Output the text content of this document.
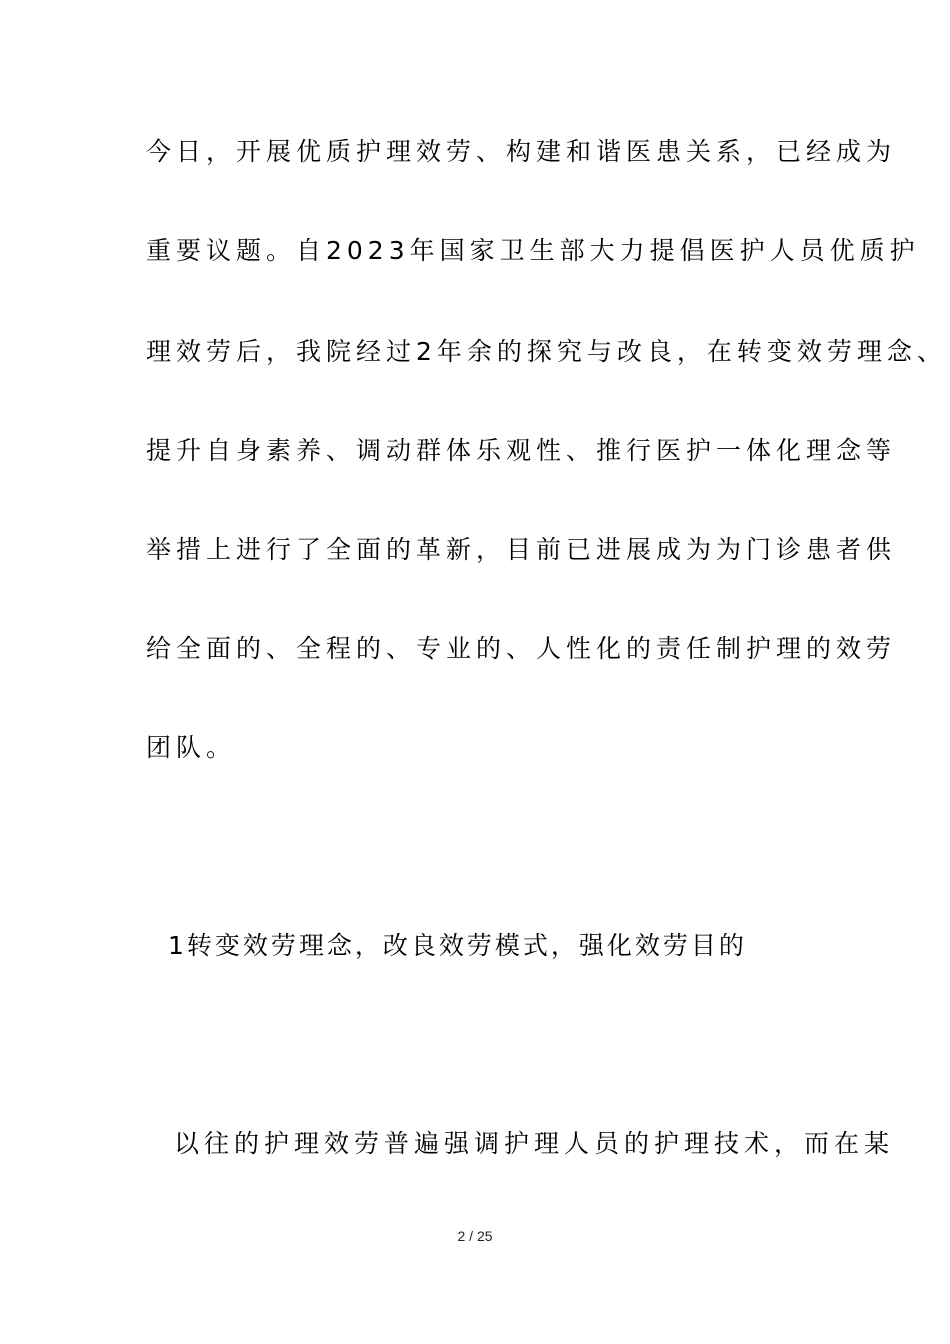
今日，开展优质护理效劳、构建和谐医患关系，已经成为
重要议题。自2023年国家卫生部大力提倡医护人员优质护
理效劳后，我院经过2年余的探究与改良，在转变效劳理念、
提升自身素养、调动群体乐观性、推行医护一体化理念等
举措上进行了全面的革新，目前已进展成为为门诊患者供
给全面的、全程的、专业的、人性化的责任制护理的效劳
团队。
1转变效劳理念，改良效劳模式，强化效劳目的
以往的护理效劳普遍强调护理人员的护理技术，而在某
2 / 25
